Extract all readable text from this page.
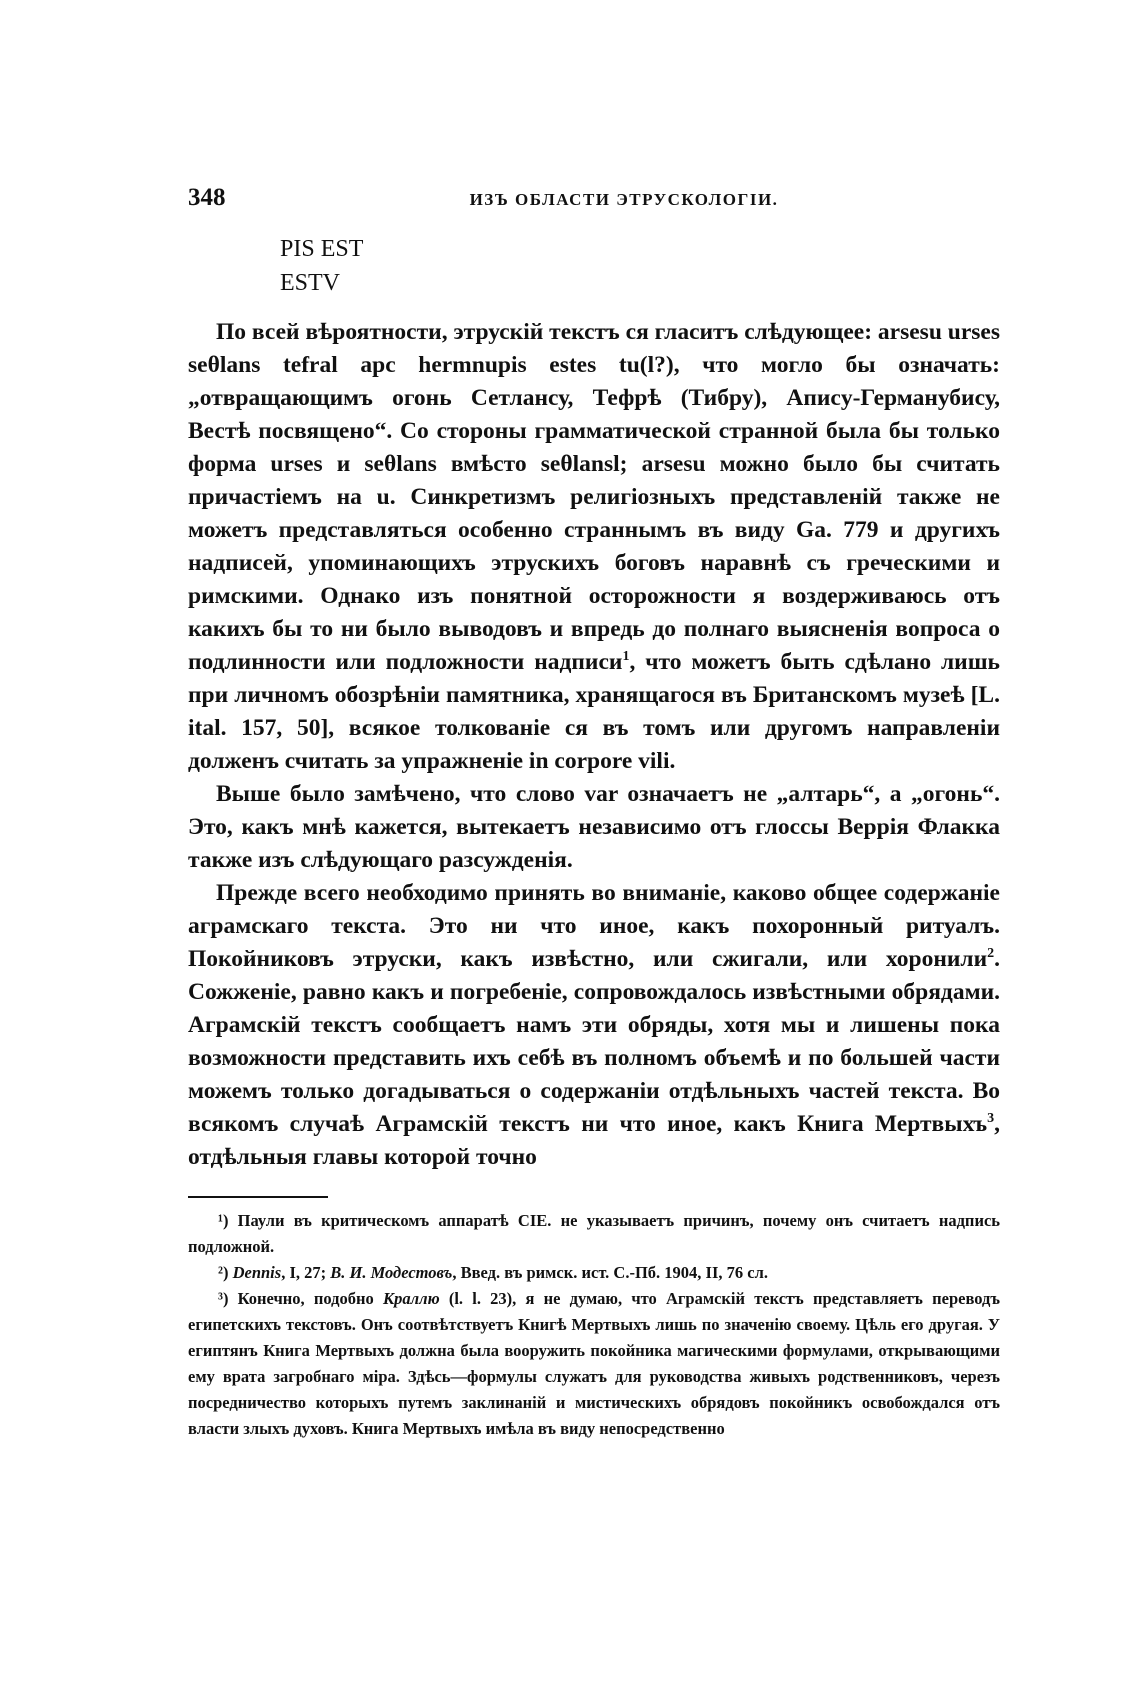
348	ИЗЪ ОБЛАСТИ ЭТРУСКОЛОГІИ.
PIS EST
ESTV

По всей вѣроятности, этрускій текстъ ся гласитъ слѣдующее: arsesu urses seθlans tefral apc hermnupis estes tu(l?), что могло бы означать: „отвращающимъ огонь Сетлансу, Тефрѣ (Тибру), Аписy-Германубису, Вестѣ посвящено“. Со стороны грамматической странной была бы только форма urses и seθlans вмѣсто seθlansl; arsesu можно было бы считать причастіемъ на u. Синкретизмъ религіозныхъ представленій также не можетъ представляться особенно страннымъ въ виду Ga. 779 и другихъ надписей, упоминающихъ этрускихъ боговъ наравнѣ съ греческими и римскими. Однако изъ понятной осторожности я воздерживаюсь отъ какихъ бы то ни было выводовъ и впредь до полнаго выясненія вопроса о подлинности или подложности надписи$^1$, что можетъ быть сдѣлано лишь при личномъ обозрѣніи памятника, хранящагося въ Британскомъ музеѣ [L. ital. 157, 50], всякое толкованіе ся въ томъ или другомъ направленіи долженъ считать за упражненіе in corpore vili.

Выше было замѣчено, что слово var означаетъ не „алтарь“, а „огонь“. Это, какъ мнѣ кажется, вытекаетъ независимо отъ глоссы Веррія Флакка также изъ слѣдующаго разсужденія.

Прежде всего необходимо принять во вниманіе, каково общее содержаніе аграмскаго текста. Это ни что иное, какъ похоронный ритуалъ. Покойниковъ этруски, какъ извѣстно, или сжигали, или хоронили$^2$. Сожженіе, равно какъ и погребеніе, сопровождалось извѣстными обрядами. Аграмскій текстъ сообщаетъ намъ эти обряды, хотя мы и лишены пока возможности представить ихъ себѣ въ полномъ объемѣ и по большей части можемъ только догадываться о содержаніи отдѣльныхъ частей текста. Во всякомъ случаѣ Аграмскій текстъ ни что иное, какъ Книга Мертвыхъ$^3$, отдѣльныя главы которой точно

¹) Паули въ критическомъ аппаратѣ CIE. не указываетъ причинъ, почему онъ считаетъ надпись подложной.

²) Dennis, I, 27; В. И. Модестовъ, Введ. въ римск. ист. С.-Пб. 1904, II, 76 сл.

³) Конечно, подобно Краллю (l. l. 23), я не думаю, что Аграмскій текстъ представляетъ переводъ египетскихъ текстовъ. Онъ соотвѣтствуетъ Книгѣ Мертвыхъ лишь по значенію своему. Цѣль его другая. У египтянъ Книга Мертвыхъ должна была вооружить покойника магическими формулами, открывающими ему врата загробнаго міра. Здѣсь—формулы служатъ для руководства живыхъ родственниковъ, черезъ посредничество которыхъ путемъ заклинаній и мистическихъ обрядовъ покойникъ освобождался отъ власти злыхъ духовъ. Книга Мертвыхъ имѣла въ виду непосредственно
